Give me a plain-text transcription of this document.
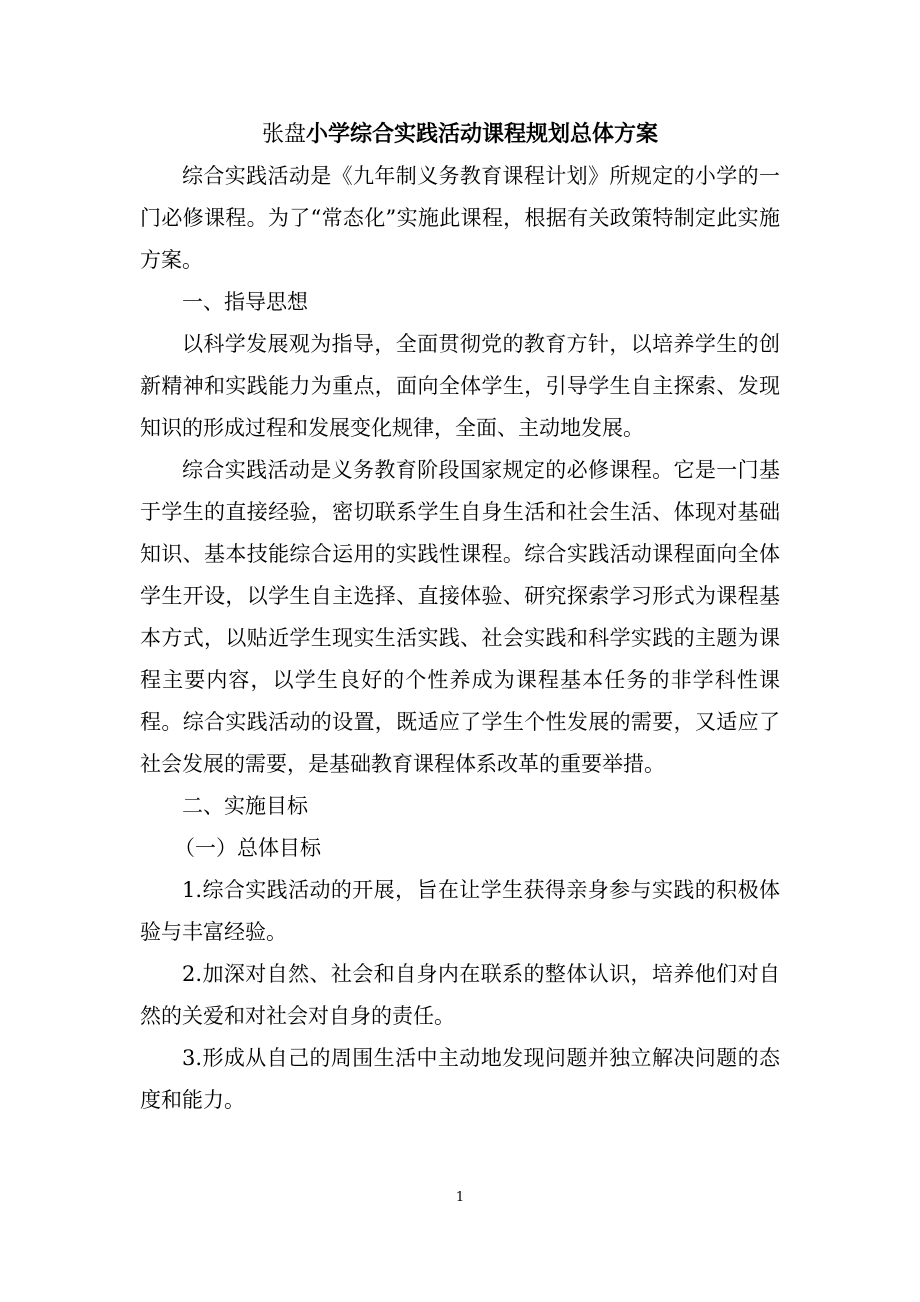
张盘小学综合实践活动课程规划总体方案

综合实践活动是《九年制义务教育课程计划》所规定的小学的一门必修课程。为了“常态化”实施此课程，根据有关政策特制定此实施方案。

一、指导思想

以科学发展观为指导，全面贯彻党的教育方针，以培养学生的创新精神和实践能力为重点，面向全体学生，引导学生自主探索、发现知识的形成过程和发展变化规律，全面、主动地发展。

综合实践活动是义务教育阶段国家规定的必修课程。它是一门基于学生的直接经验，密切联系学生自身生活和社会生活、体现对基础知识、基本技能综合运用的实践性课程。综合实践活动课程面向全体学生开设，以学生自主选择、直接体验、研究探索学习形式为课程基本方式，以贴近学生现实生活实践、社会实践和科学实践的主题为课程主要内容，以学生良好的个性养成为课程基本任务的非学科性课程。综合实践活动的设置，既适应了学生个性发展的需要，又适应了社会发展的需要，是基础教育课程体系改革的重要举措。

二、实施目标

（一）总体目标

1.综合实践活动的开展，旨在让学生获得亲身参与实践的积极体验与丰富经验。

2.加深对自然、社会和自身内在联系的整体认识，培养他们对自然的关爱和对社会对自身的责任。

3.形成从自己的周围生活中主动地发现问题并独立解决问题的态度和能力。

1
